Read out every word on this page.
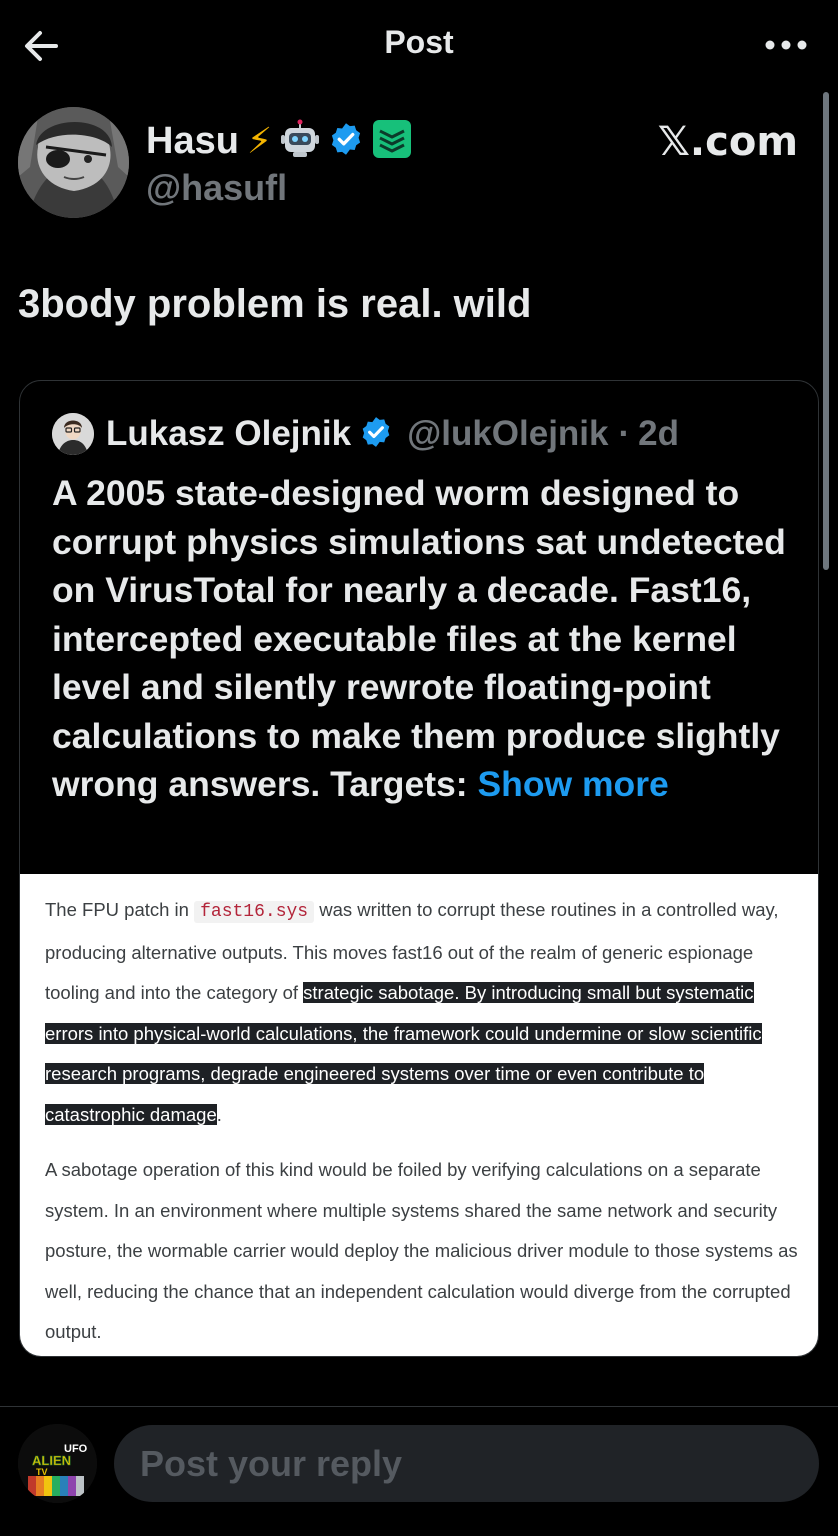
Post
Hasu ⚡
@hasufl
𝕏.com
3body problem is real. wild
Lukasz Olejnik @lukOlejnik · 2d
A 2005 state-designed worm designed to corrupt physics simulations sat undetected on VirusTotal for nearly a decade. Fast16, intercepted executable files at the kernel level and silently rewrote floating-point calculations to make them produce slightly wrong answers. Targets: Show more
The FPU patch in fast16.sys was written to corrupt these routines in a controlled way, producing alternative outputs. This moves fast16 out of the realm of generic espionage tooling and into the category of strategic sabotage. By introducing small but systematic errors into physical-world calculations, the framework could undermine or slow scientific research programs, degrade engineered systems over time or even contribute to catastrophic damage.
A sabotage operation of this kind would be foiled by verifying calculations on a separate system. In an environment where multiple systems shared the same network and security posture, the wormable carrier would deploy the malicious driver module to those systems as well, reducing the chance that an independent calculation would diverge from the corrupted output.
UFO
ALIEN
TV	Post your reply
